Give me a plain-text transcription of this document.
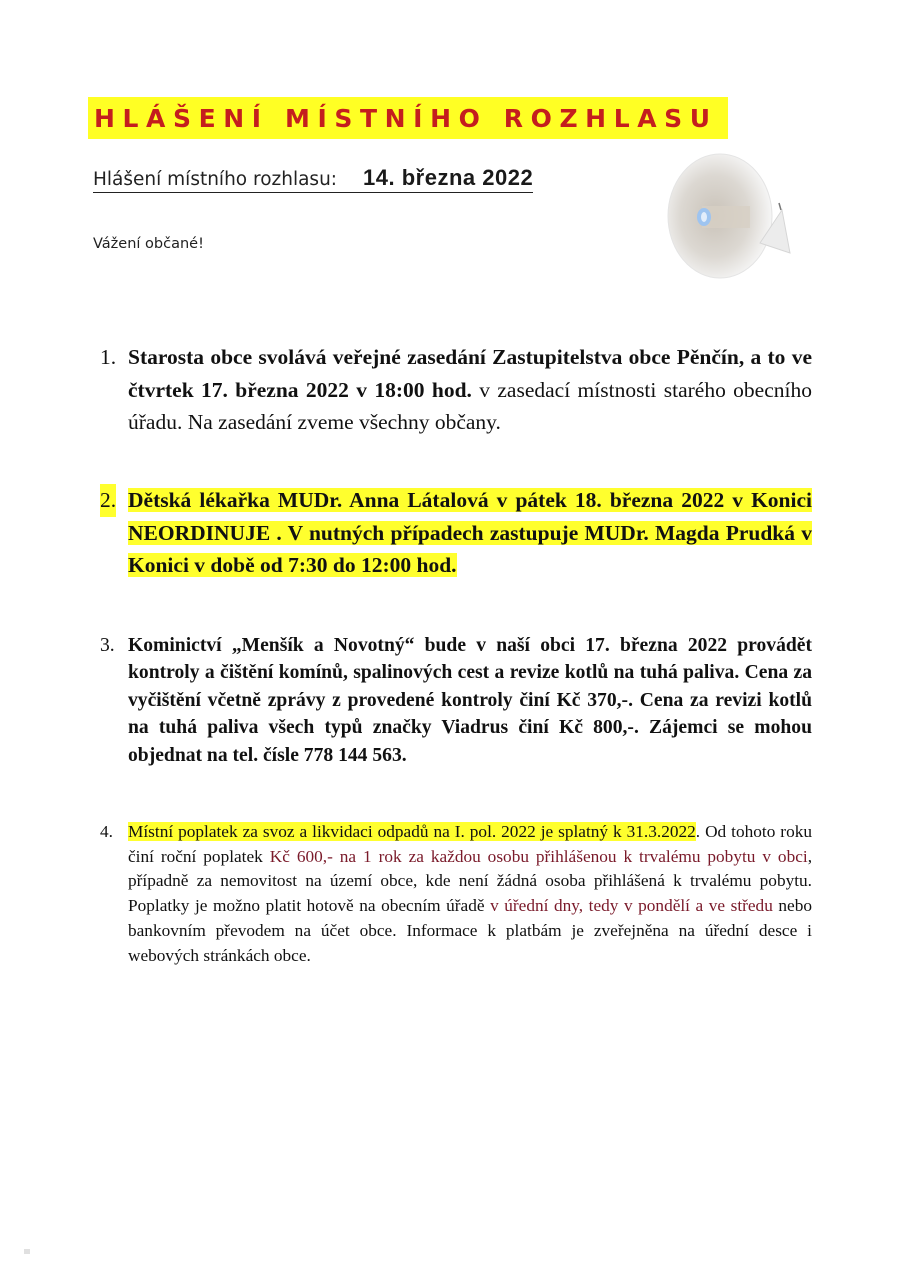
HLÁŠENÍ MÍSTNÍHO ROZHLASU
Hlášení místního rozhlasu: 14. března 2022
Vážení občané!
1. Starosta obce svolává veřejné zasedání Zastupitelstva obce Pěnčín, a to ve čtvrtek 17. března 2022 v 18:00 hod. v zasedací místnosti starého obecního úřadu. Na zasedání zveme všechny občany.
2. Dětská lékařka MUDr. Anna Látalová v pátek 18. března 2022 v Konici NEORDINUJE . V nutných případech zastupuje MUDr. Magda Prudká v Konici v době od 7:30 do 12:00 hod.
3. Kominictví „Menšík a Novotný“ bude v naší obci 17. března 2022 provádět kontroly a čištění komínů, spalinových cest a revize kotlů na tuhá paliva. Cena za vyčištění včetně zprávy z provedené kontroly činí Kč 370,-. Cena za revizi kotlů na tuhá paliva všech typů značky Viadrus činí Kč 800,-. Zájemci se mohou objednat na tel. čísle 778 144 563.
4. Místní poplatek za svoz a likvidaci odpadů na I. pol. 2022 je splatný k 31.3.2022. Od tohoto roku činí roční poplatek Kč 600,- na 1 rok za každou osobu přihlášenou k trvalému pobytu v obci, případně za nemovitost na území obce, kde není žádná osoba přihlášená k trvalému pobytu. Poplatky je možno platit hotově na obecním úřadě v úřední dny, tedy v pondělí a ve středu nebo bankovním převodem na účet obce. Informace k platbám je zveřejněna na úřední desce i webových stránkách obce.
